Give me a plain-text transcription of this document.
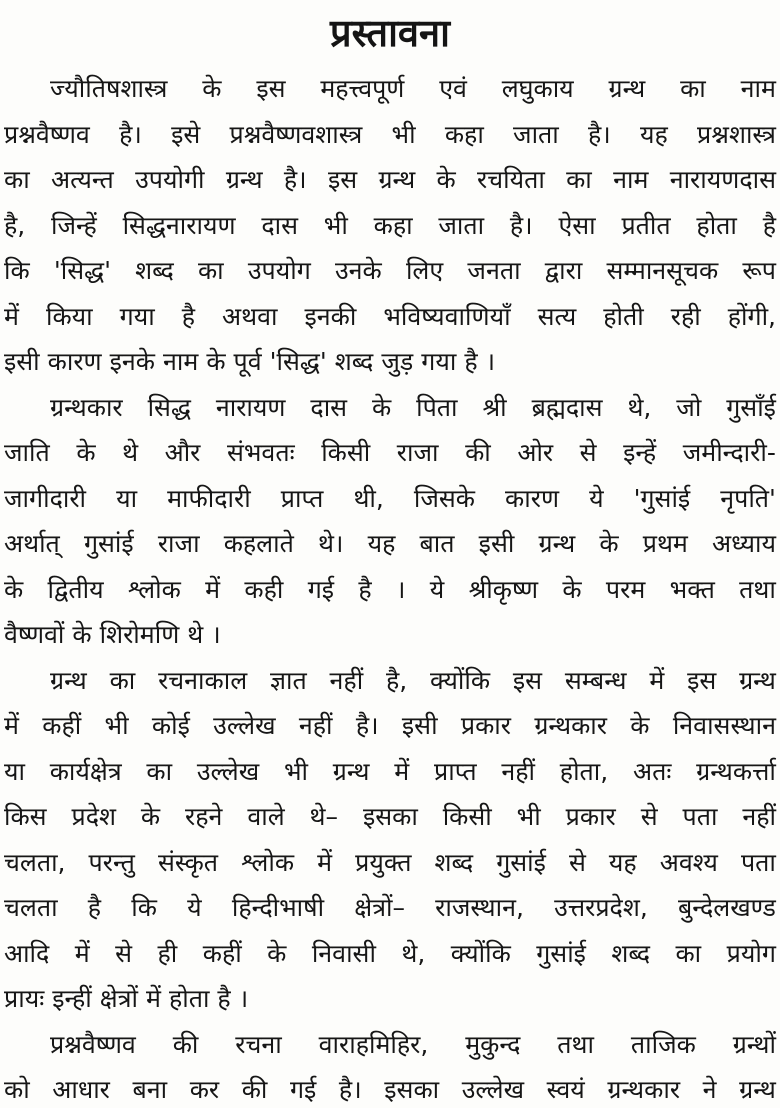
प्रस्तावना
ज्यौतिषशास्त्र के इस महत्त्वपूर्ण एवं लघुकाय ग्रन्थ का नाम
प्रश्नवैष्णव है। इसे प्रश्नवैष्णवशास्त्र भी कहा जाता है। यह प्रश्नशास्त्र
का अत्यन्त उपयोगी ग्रन्थ है। इस ग्रन्थ के रचयिता का नाम नारायणदास
है, जिन्हें सिद्धनारायण दास भी कहा जाता है। ऐसा प्रतीत होता है
कि 'सिद्ध' शब्द का उपयोग उनके लिए जनता द्वारा सम्मानसूचक रूप
में किया गया है अथवा इनकी भविष्यवाणियाँ सत्य होती रही होंगी,
इसी कारण इनके नाम के पूर्व 'सिद्ध' शब्द जुड़ गया है ।
ग्रन्थकार सिद्ध नारायण दास के पिता श्री ब्रह्मदास थे, जो गुसाँई
जाति के थे और संभवतः किसी राजा की ओर से इन्हें जमीन्दारी-
जागीदारी या माफीदारी प्राप्त थी, जिसके कारण ये 'गुसांई नृपति'
अर्थात् गुसांई राजा कहलाते थे। यह बात इसी ग्रन्थ के प्रथम अध्याय
के द्वितीय श्लोक में कही गई है । ये श्रीकृष्ण के परम भक्त तथा
वैष्णवों के शिरोमणि थे ।
ग्रन्थ का रचनाकाल ज्ञात नहीं है, क्योंकि इस सम्बन्ध में इस ग्रन्थ
में कहीं भी कोई उल्लेख नहीं है। इसी प्रकार ग्रन्थकार के निवासस्थान
या कार्यक्षेत्र का उल्लेख भी ग्रन्थ में प्राप्त नहीं होता, अतः ग्रन्थकर्त्ता
किस प्रदेश के रहने वाले थे– इसका किसी भी प्रकार से पता नहीं
चलता, परन्तु संस्कृत श्लोक में प्रयुक्त शब्द गुसांई से यह अवश्य पता
चलता है कि ये हिन्दीभाषी क्षेत्रों– राजस्थान, उत्तरप्रदेश, बुन्देलखण्ड
आदि में से ही कहीं के निवासी थे, क्योंकि गुसांई शब्द का प्रयोग
प्रायः इन्हीं क्षेत्रों में होता है ।
प्रश्नवैष्णव की रचना वाराहमिहिर, मुकुन्द तथा ताजिक ग्रन्थों
को आधार बना कर की गई है। इसका उल्लेख स्वयं ग्रन्थकार ने ग्रन्थ
